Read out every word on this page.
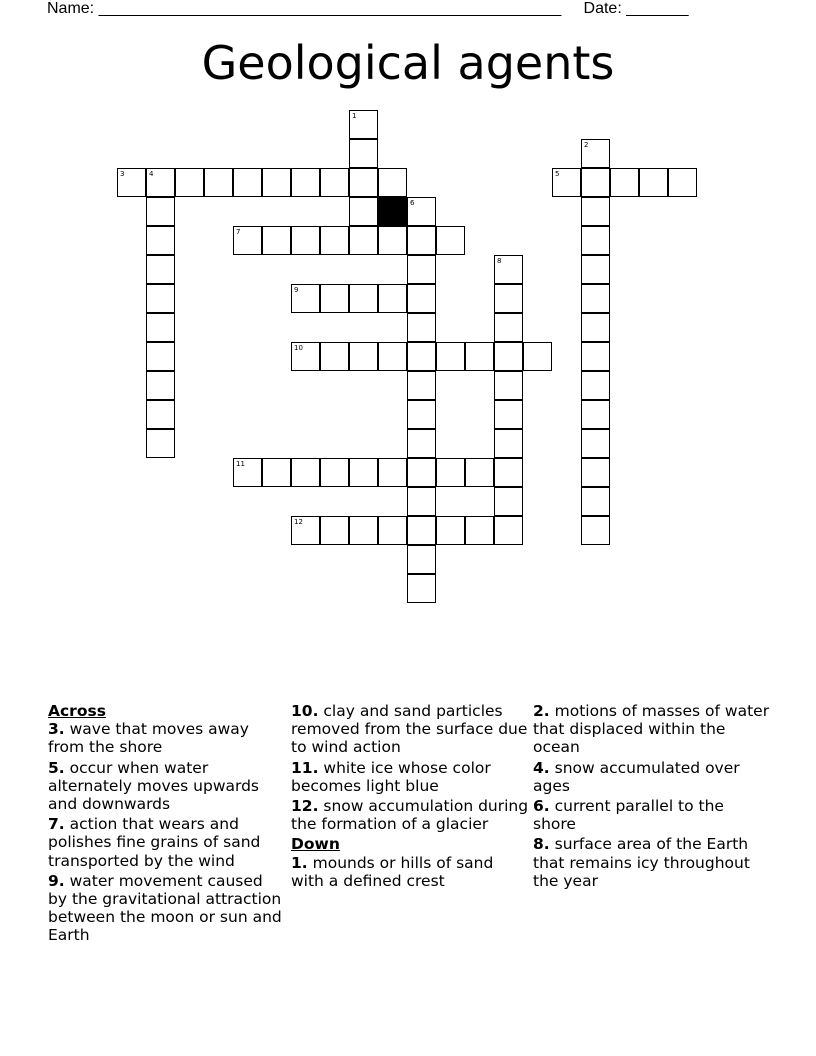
Name: ____________________________________________________ Date: _______
Geological agents
1
2
3	4	5
6
7
8
9
10
11
12
Across
3. wave that moves away from the shore
5. occur when water alternately moves upwards and downwards
7. action that wears and polishes fine grains of sand transported by the wind
9. water movement caused by the gravitational attraction between the moon or sun and Earth
10. clay and sand particles removed from the surface due to wind action
11. white ice whose color becomes light blue
12. snow accumulation during the formation of a glacier
Down
1. mounds or hills of sand with a defined crest
2. motions of masses of water that displaced within the ocean
4. snow accumulated over ages
6. current parallel to the shore
8. surface area of the Earth that remains icy throughout the year
